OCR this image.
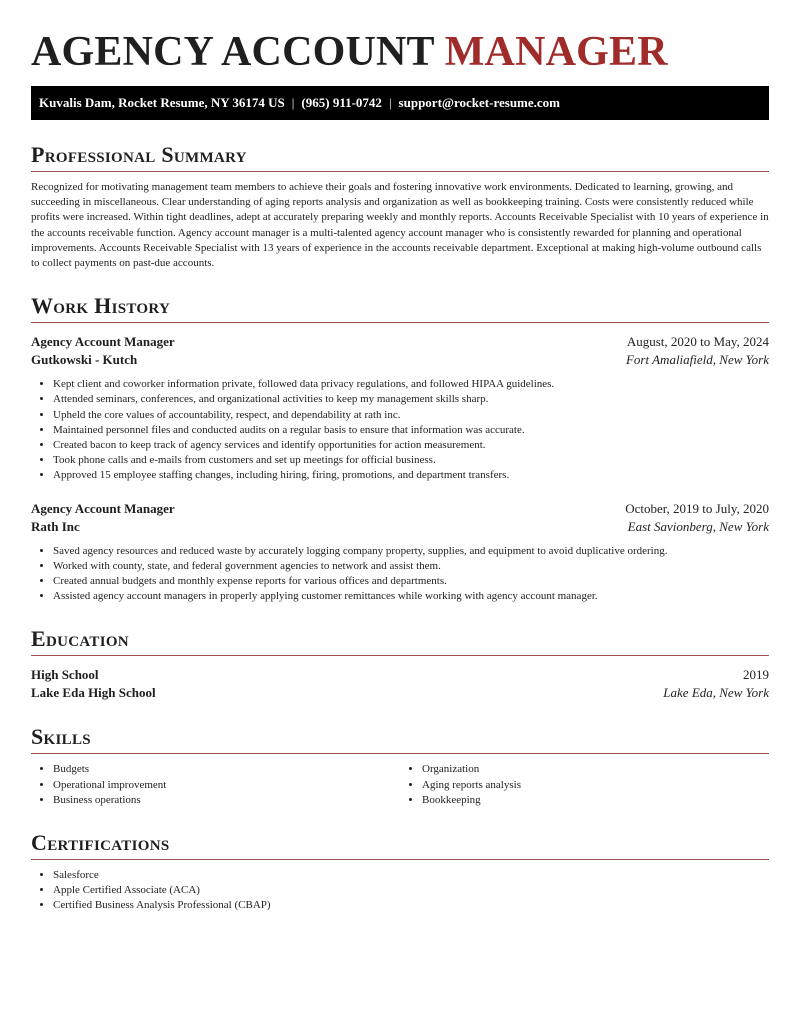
AGENCY ACCOUNT MANAGER
Kuvalis Dam, Rocket Resume, NY 36174 US | (965) 911-0742 | support@rocket-resume.com
Professional Summary

Recognized for motivating management team members to achieve their goals and fostering innovative work environments. Dedicated to learning, growing, and succeeding in miscellaneous. Clear understanding of aging reports analysis and organization as well as bookkeeping training. Costs were consistently reduced while profits were increased. Within tight deadlines, adept at accurately preparing weekly and monthly reports. Accounts Receivable Specialist with 10 years of experience in the accounts receivable function. Agency account manager is a multi-talented agency account manager who is consistently rewarded for planning and operational improvements. Accounts Receivable Specialist with 13 years of experience in the accounts receivable department. Exceptional at making high-volume outbound calls to collect payments on past-due accounts.

Work History
Agency Account Manager	August, 2020 to May, 2024
Gutkowski - Kutch	Fort Amaliafield, New York
• Kept client and coworker information private, followed data privacy regulations, and followed HIPAA guidelines.
• Attended seminars, conferences, and organizational activities to keep my management skills sharp.
• Upheld the core values of accountability, respect, and dependability at rath inc.
• Maintained personnel files and conducted audits on a regular basis to ensure that information was accurate.
• Created bacon to keep track of agency services and identify opportunities for action measurement.
• Took phone calls and e-mails from customers and set up meetings for official business.
• Approved 15 employee staffing changes, including hiring, firing, promotions, and department transfers.
Agency Account Manager	October, 2019 to July, 2020
Rath Inc	East Savionberg, New York
• Saved agency resources and reduced waste by accurately logging company property, supplies, and equipment to avoid duplicative ordering.
• Worked with county, state, and federal government agencies to network and assist them.
• Created annual budgets and monthly expense reports for various offices and departments.
• Assisted agency account managers in properly applying customer remittances while working with agency account manager.
Education
High School	2019
Lake Eda High School	Lake Eda, New York
Skills
• Budgets
• Operational improvement
• Business operations
• Organization
• Aging reports analysis
• Bookkeeping
Certifications
• Salesforce
• Apple Certified Associate (ACA)
• Certified Business Analysis Professional (CBAP)
